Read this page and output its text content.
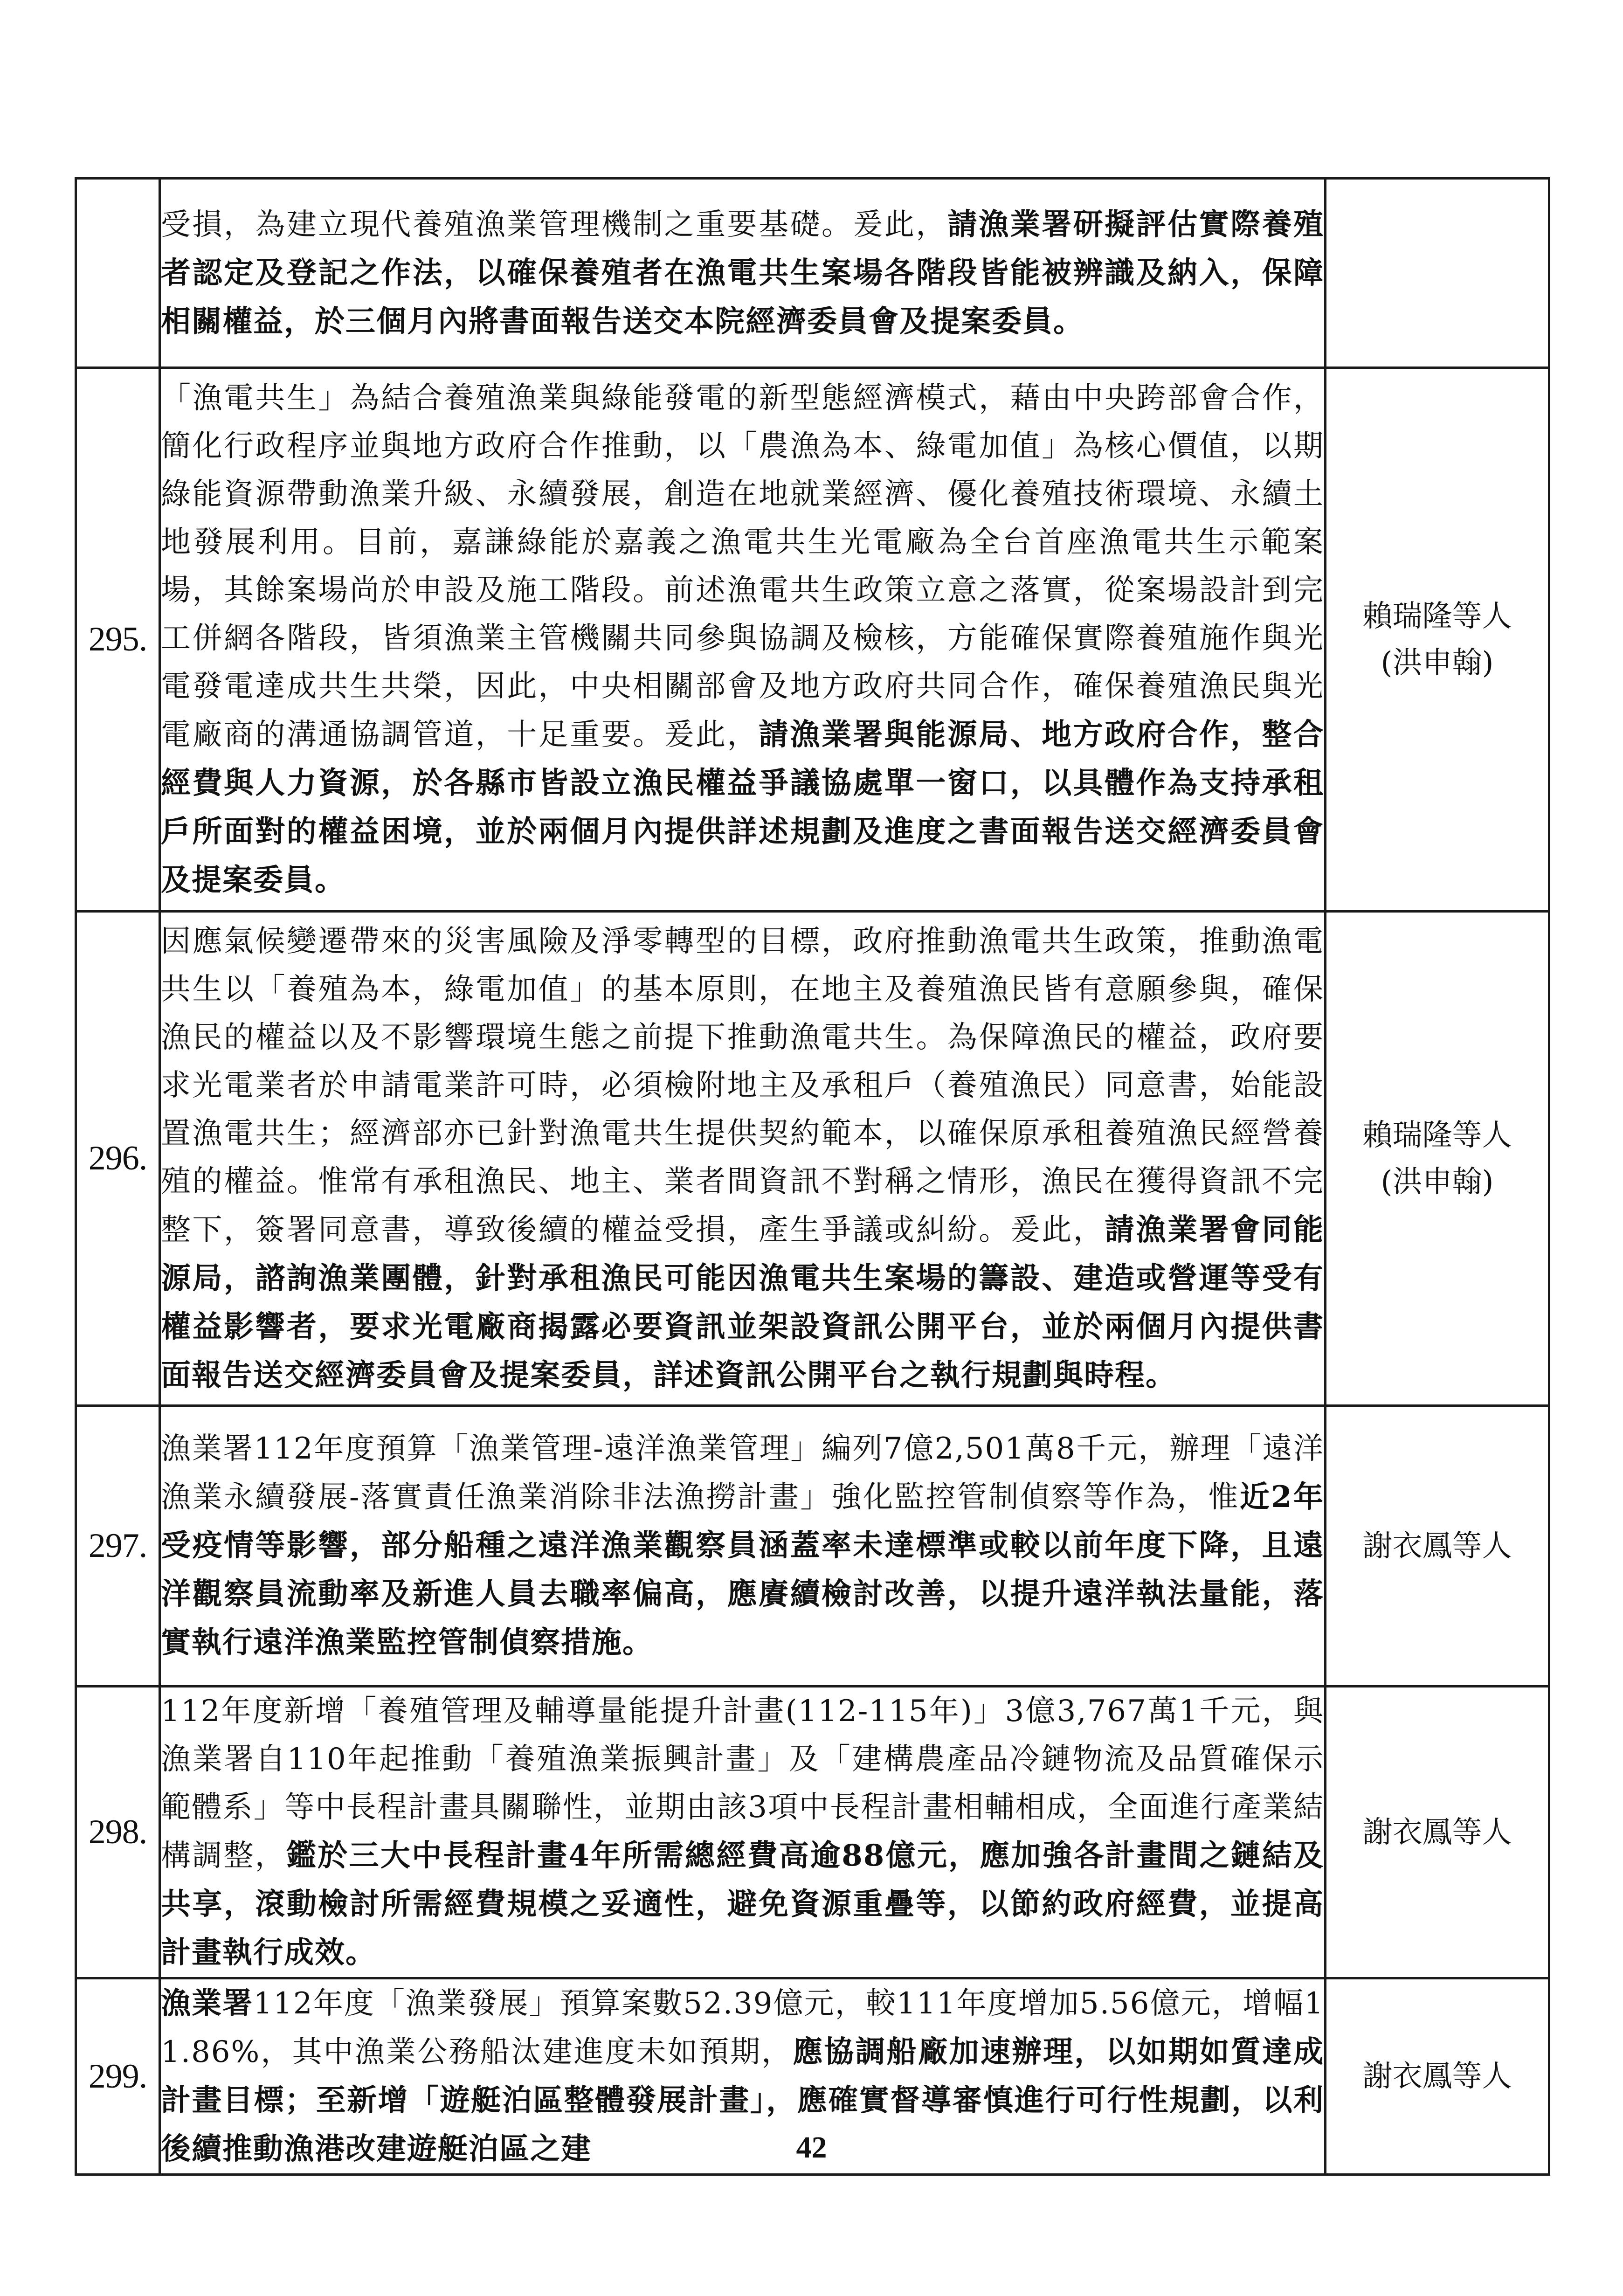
	受損，為建立現代養殖漁業管理機制之重要基礎。爰此，請漁業署研擬評估實際養殖者認定及登記之作法，以確保養殖者在漁電共生案場各階段皆能被辨識及納入，保障相關權益，於三個月內將書面報告送交本院經濟委員會及提案委員。	

295.	「漁電共生」為結合養殖漁業與綠能發電的新型態經濟模式，藉由中央跨部會合作，簡化行政程序並與地方政府合作推動，以「農漁為本、綠電加值」為核心價值，以期綠能資源帶動漁業升級、永續發展，創造在地就業經濟、優化養殖技術環境、永續土地發展利用。目前，嘉謙綠能於嘉義之漁電共生光電廠為全台首座漁電共生示範案場，其餘案場尚於申設及施工階段。前述漁電共生政策立意之落實，從案場設計到完工併網各階段，皆須漁業主管機關共同參與協調及檢核，方能確保實際養殖施作與光電發電達成共生共榮，因此，中央相關部會及地方政府共同合作，確保養殖漁民與光電廠商的溝通協調管道，十足重要。爰此，請漁業署與能源局、地方政府合作，整合經費與人力資源，於各縣市皆設立漁民權益爭議協處單一窗口，以具體作為支持承租戶所面對的權益困境，並於兩個月內提供詳述規劃及進度之書面報告送交經濟委員會及提案委員。	賴瑞隆等人
(洪申翰)

296.	因應氣候變遷帶來的災害風險及淨零轉型的目標，政府推動漁電共生政策，推動漁電共生以「養殖為本，綠電加值」的基本原則，在地主及養殖漁民皆有意願參與，確保漁民的權益以及不影響環境生態之前提下推動漁電共生。為保障漁民的權益，政府要求光電業者於申請電業許可時，必須檢附地主及承租戶（養殖漁民）同意書，始能設置漁電共生；經濟部亦已針對漁電共生提供契約範本，以確保原承租養殖漁民經營養殖的權益。惟常有承租漁民、地主、業者間資訊不對稱之情形，漁民在獲得資訊不完整下，簽署同意書，導致後續的權益受損，產生爭議或糾紛。爰此，請漁業署會同能源局，諮詢漁業團體，針對承租漁民可能因漁電共生案場的籌設、建造或營運等受有權益影響者，要求光電廠商揭露必要資訊並架設資訊公開平台，並於兩個月內提供書面報告送交經濟委員會及提案委員，詳述資訊公開平台之執行規劃與時程。	賴瑞隆等人
(洪申翰)

297.	漁業署112年度預算「漁業管理-遠洋漁業管理」編列7億2,501萬8千元，辦理「遠洋漁業永續發展-落實責任漁業消除非法漁撈計畫」強化監控管制偵察等作為，惟近2年受疫情等影響，部分船種之遠洋漁業觀察員涵蓋率未達標準或較以前年度下降，且遠洋觀察員流動率及新進人員去職率偏高，應賡續檢討改善，以提升遠洋執法量能，落實執行遠洋漁業監控管制偵察措施。	謝衣鳳等人

298.	112年度新增「養殖管理及輔導量能提升計畫(112-115年)」3億3,767萬1千元，與漁業署自110年起推動「養殖漁業振興計畫」及「建構農產品冷鏈物流及品質確保示範體系」等中長程計畫具關聯性，並期由該3項中長程計畫相輔相成，全面進行產業結構調整，鑑於三大中長程計畫4年所需總經費高逾88億元，應加強各計畫間之鏈結及共享，滾動檢討所需經費規模之妥適性，避免資源重疊等，以節約政府經費，並提高計畫執行成效。	謝衣鳳等人

299.	漁業署112年度「漁業發展」預算案數52.39億元，較111年度增加5.56億元，增幅11.86%，其中漁業公務船汰建進度未如預期，應協調船廠加速辦理，以如期如質達成計畫目標；至新增「遊艇泊區整體發展計畫」，應確實督導審慎進行可行性規劃，以利後續推動漁港改建遊艇泊區之建	謝衣鳳等人
42
